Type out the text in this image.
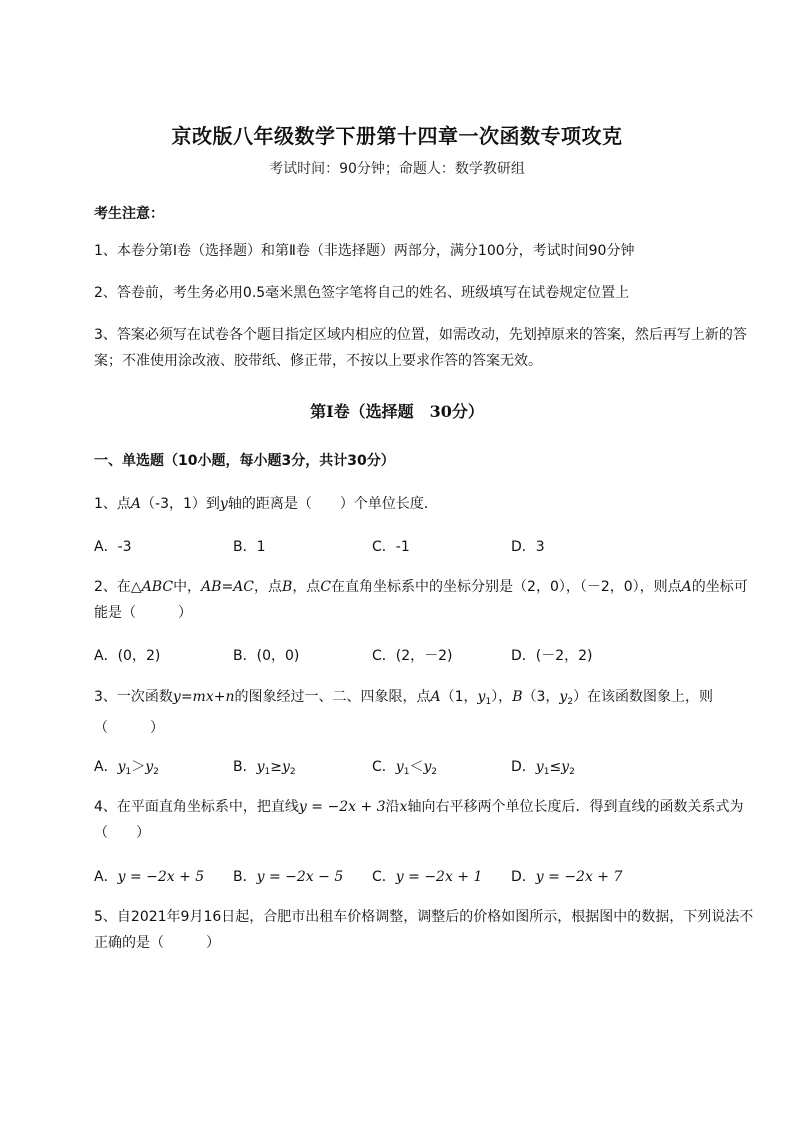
京改版八年级数学下册第十四章一次函数专项攻克
考试时间：90分钟；命题人：数学教研组
考生注意：
1、本卷分第I卷（选择题）和第Ⅱ卷（非选择题）两部分，满分100分，考试时间90分钟
2、答卷前，考生务必用0.5毫米黑色签字笔将自己的姓名、班级填写在试卷规定位置上
3、答案必须写在试卷各个题目指定区域内相应的位置，如需改动，先划掉原来的答案，然后再写上新的答案；不准使用涂改液、胶带纸、修正带，不按以上要求作答的答案无效。
第I卷（选择题　30分）
一、单选题（10小题，每小题3分，共计30分）
1、点A（-3，1）到y轴的距离是（　　）个单位长度．
A．-3	B．1	C．-1	D．3
2、在△ABC中，AB=AC，点B，点C在直角坐标系中的坐标分别是（2，0），（－2，0），则点A的坐标可能是（　　　）
A．(0，2)	B．(0，0)	C．(2，－2)	D．(－2，2)
3、一次函数y=mx+n的图象经过一、二、四象限，点A（1，$y_1$），B（3，$y_2$）在该函数图象上，则（　　　）
A．$y_1>y_2$	B．$y_1\ge y_2$	C．$y_1<y_2$	D．$y_1\le y_2$
4、在平面直角坐标系中，把直线y = −2x + 3沿x轴向右平移两个单位长度后．得到直线的函数关系式为（　　）
A．y = −2x + 5 B．y = −2x − 5 C．y = −2x + 1 D．y = −2x + 7
5、自2021年9月16日起，合肥市出租车价格调整，调整后的价格如图所示，根据图中的数据，下列说法不正确的是（　　　）
